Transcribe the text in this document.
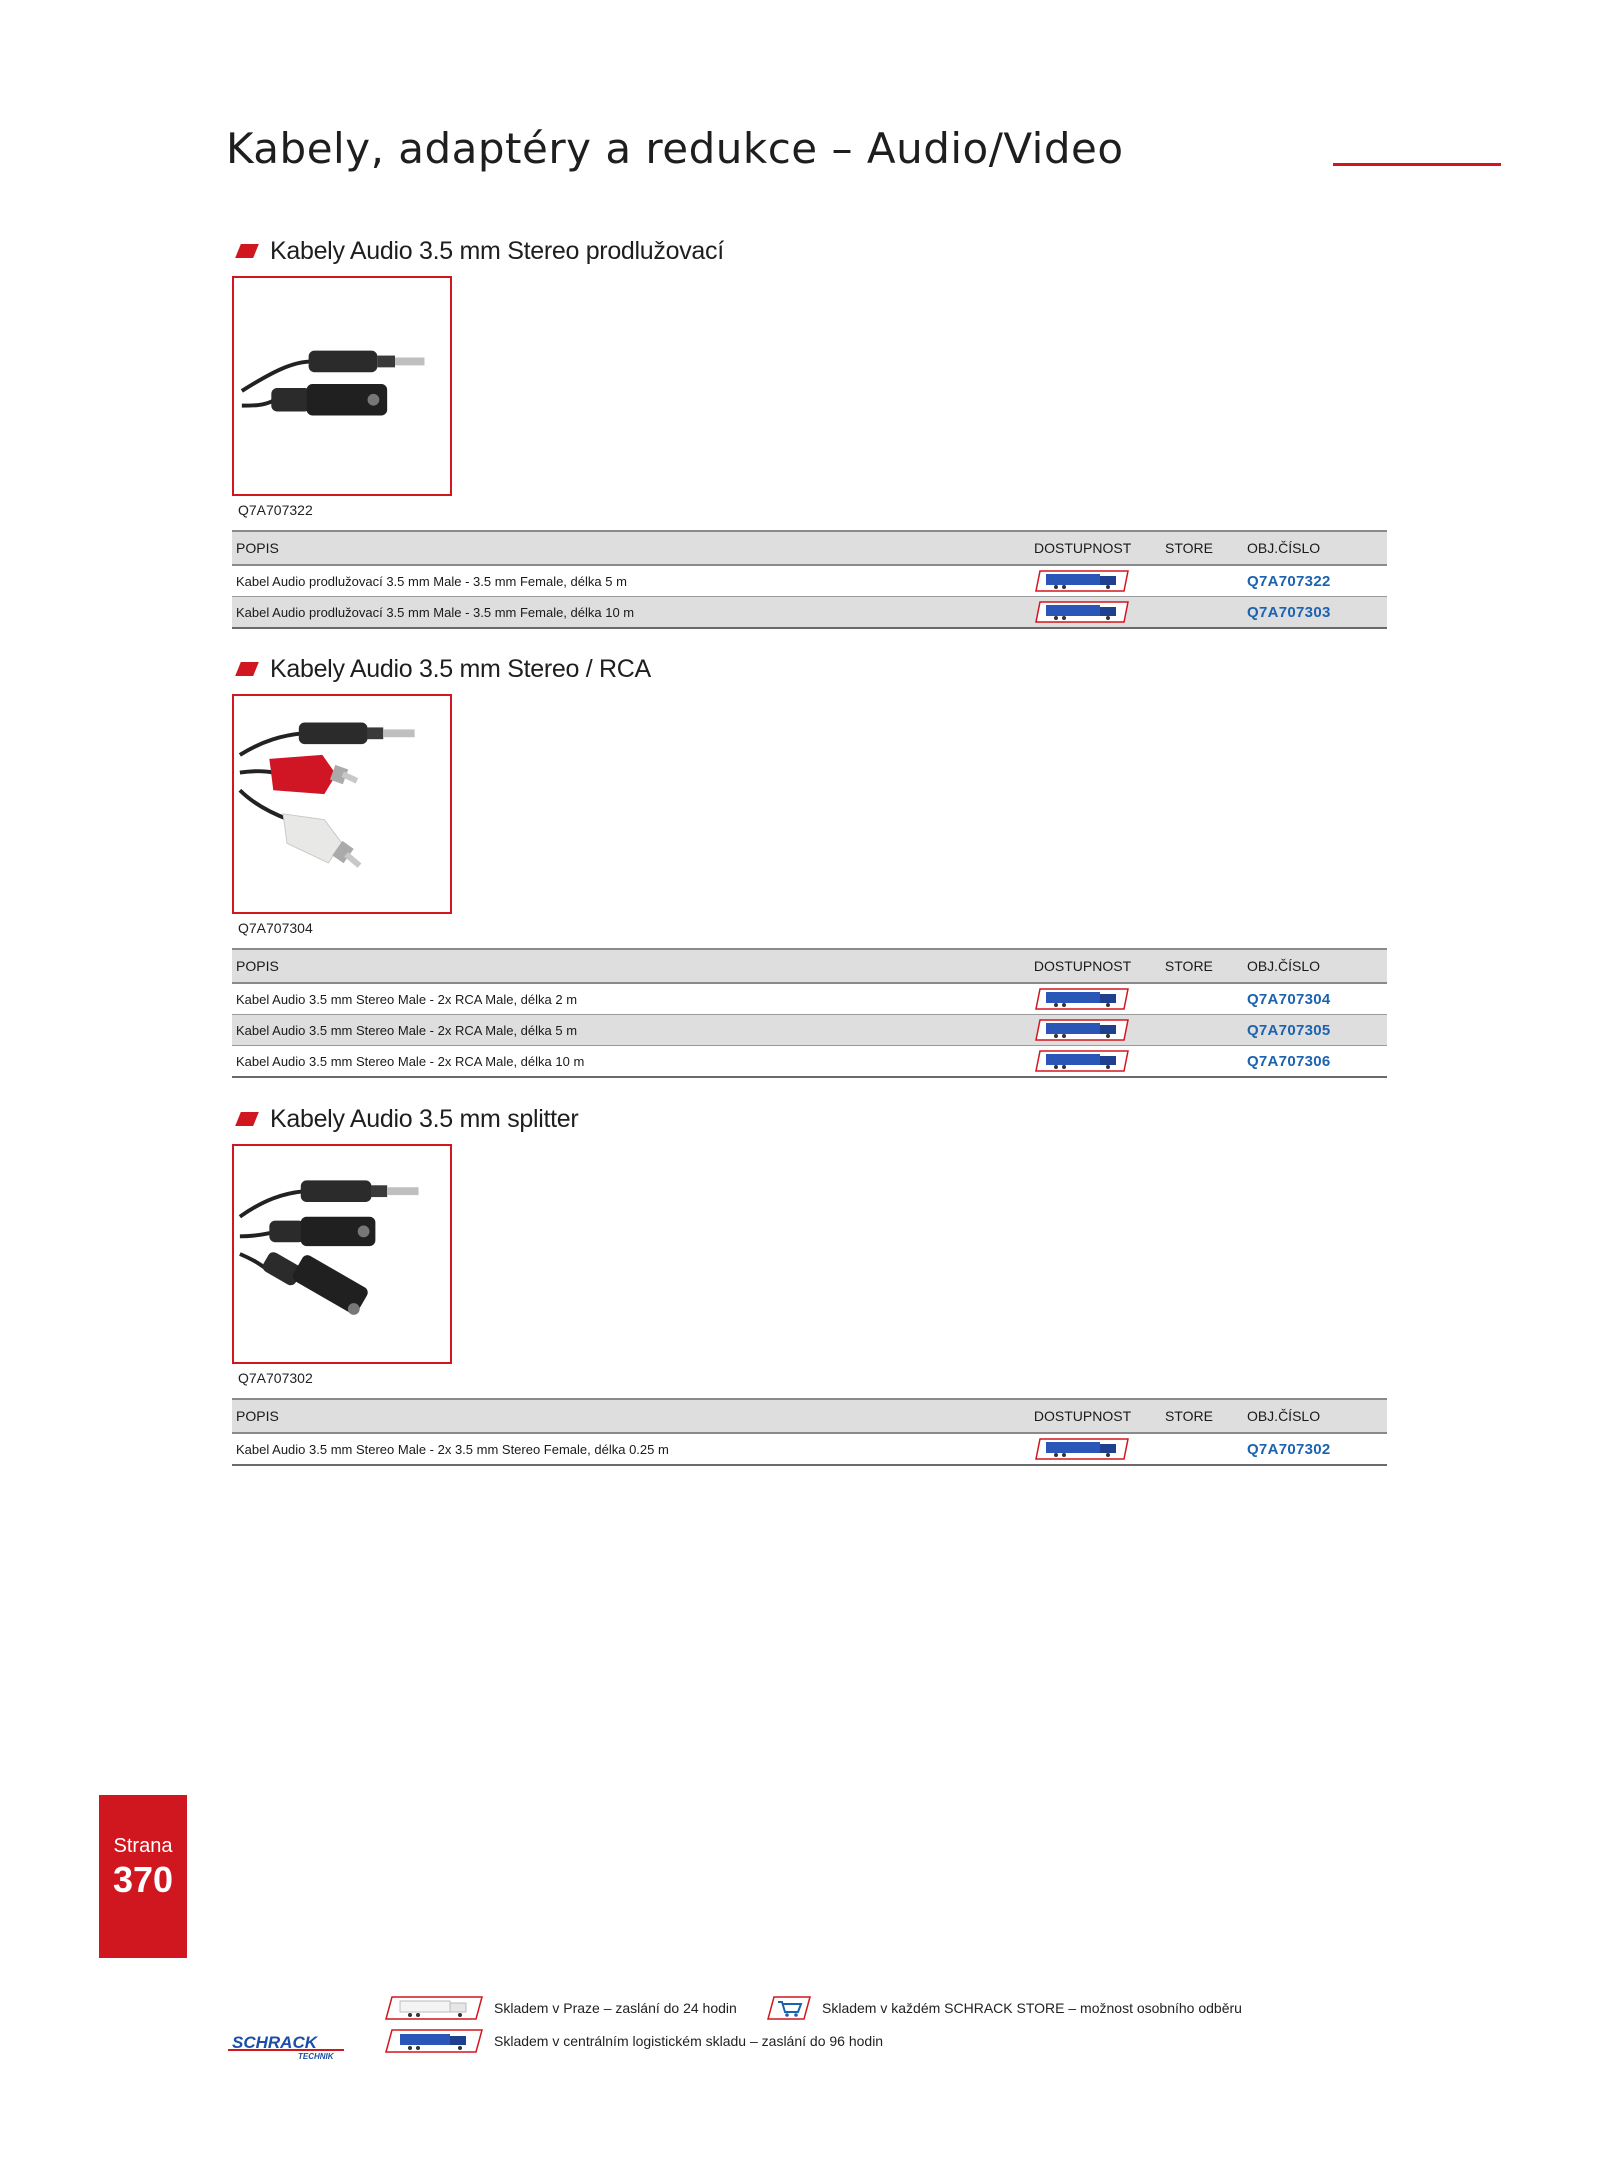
Kabely, adaptéry a redukce – Audio/Video
Kabely Audio 3.5 mm Stereo prodlužovací
Q7A707322
POPIS	DOSTUPNOST	STORE	OBJ.ČÍSLO
Kabel Audio prodlužovací 3.5 mm Male - 3.5 mm Female, délka 5 m			Q7A707322
Kabel Audio prodlužovací 3.5 mm Male - 3.5 mm Female, délka 10 m			Q7A707303
Kabely Audio 3.5 mm Stereo / RCA
Q7A707304
POPIS	DOSTUPNOST	STORE	OBJ.ČÍSLO
Kabel Audio 3.5 mm Stereo Male - 2x RCA Male, délka 2 m			Q7A707304
Kabel Audio 3.5 mm Stereo Male - 2x RCA Male, délka 5 m			Q7A707305
Kabel Audio 3.5 mm Stereo Male - 2x RCA Male, délka 10 m			Q7A707306
Kabely Audio 3.5 mm splitter
Q7A707302
POPIS	DOSTUPNOST	STORE	OBJ.ČÍSLO
Kabel Audio 3.5 mm Stereo Male - 2x 3.5 mm Stereo Female, délka 0.25 m			Q7A707302
Strana
370
Skladem v Praze – zaslání do 24 hodin	Skladem v každém SCHRACK STORE – možnost osobního odběru
Skladem v centrálním logistickém skladu – zaslání do 96 hodin
SCHRACK
TECHNIK
